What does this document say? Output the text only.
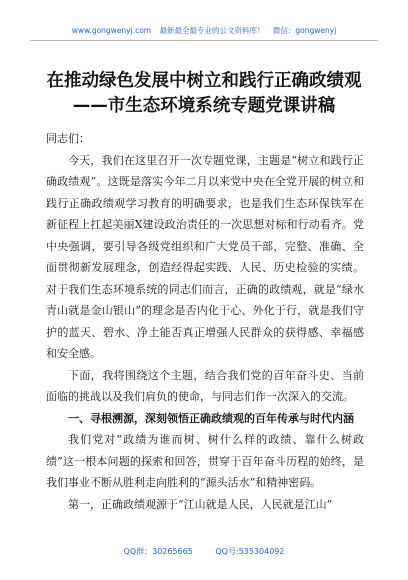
www.gongwenyj.com 最新最全最专业的公文资料库！ 微信：gongwenyj
在推动绿色发展中树立和践行正确政绩观
——市生态环境系统专题党课讲稿

同志们：

今天，我们在这里召开一次专题党课，主题是“树立和践行正确政绩观”。这既是落实今年二月以来党中央在全党开展的树立和践行正确政绩观学习教育的明确要求，也是我们生态环保铁军在新征程上扛起美丽Ⅹ建设政治责任的一次思想对标和行动看齐。党中央强调，要引导各级党组织和广大党员干部，完整、准确、全面贯彻新发展理念，创造经得起实践、人民、历史检验的实绩。对于我们生态环境系统的同志们而言，正确的政绩观，就是“绿水青山就是金山银山”的理念是否内化于心、外化于行，就是我们守护的蓝天、碧水、净土能否真正增强人民群众的获得感、幸福感和安全感。

下面，我将围绕这个主题，结合我们党的百年奋斗史、当前面临的挑战以及我们肩负的使命，与同志们作一次深入的交流。

一、寻根溯源，深刻领悟正确政绩观的百年传承与时代内涵

我们党对“政绩为谁而树、树什么样的政绩、靠什么树政绩”这一根本问题的探索和回答，贯穿于百年奋斗历程的始终，是我们事业不断从胜利走向胜利的“源头活水”和精神密码。

第一，正确政绩观源于“江山就是人民，人民就是江山”

QQ群：30265665	QQ号:535304092
